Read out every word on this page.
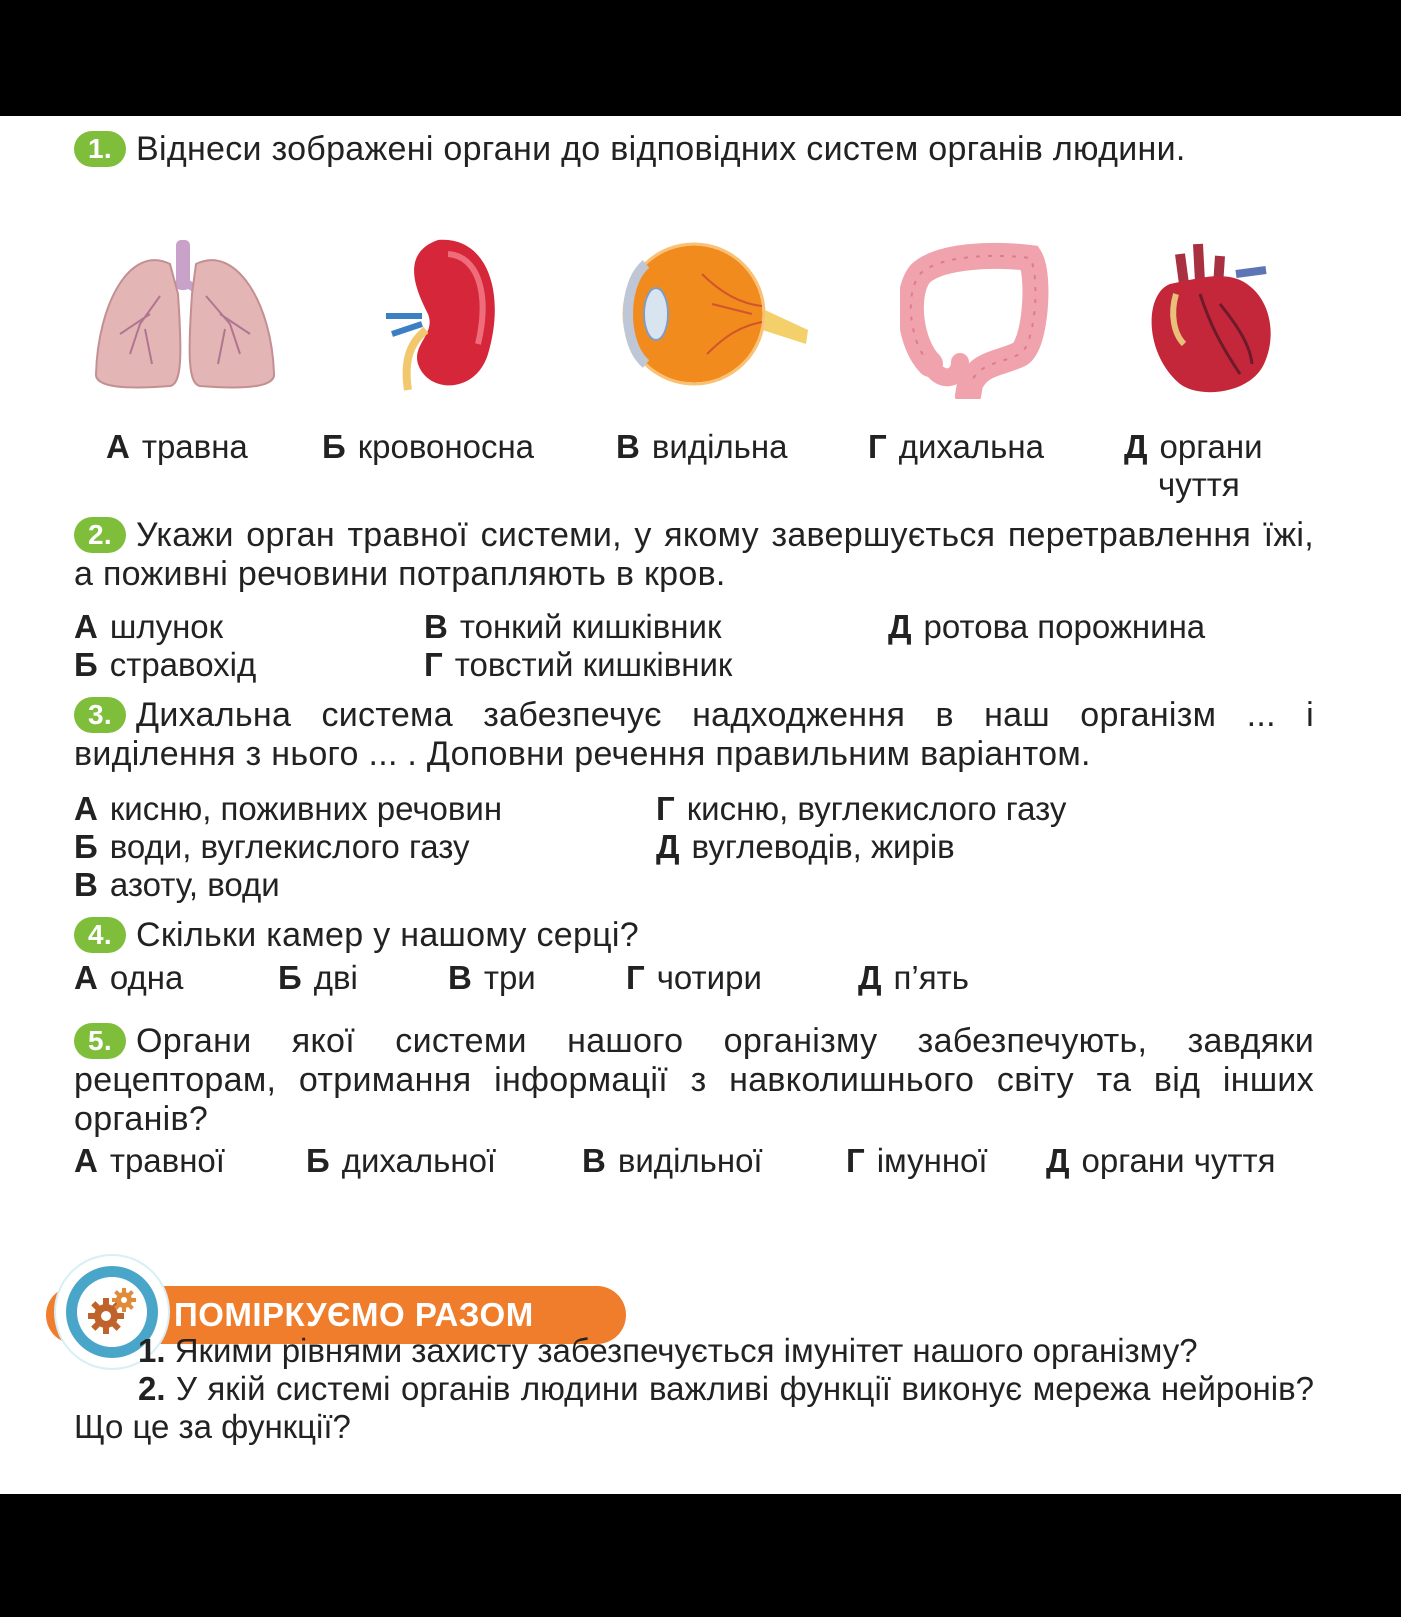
1. Віднеси зображені органи до відповідних систем органів людини.
А травна Б кровоносна В видільна Г дихальна Д органи
чуття
2. Укажи орган травної системи, у якому завершується перетравлення їжі, а поживні речовини потрапляють в кров.
А шлунок	В тонкий кишківник	Д ротова порожнина
Б стравохід	Г товстий кишківник
3. Дихальна система забезпечує надходження в наш організм ... і виділення з нього ... . Доповни речення правильним варіантом.
А кисню, поживних речовин	Г кисню, вуглекислого газу
Б води, вуглекислого газу	Д вуглеводів, жирів
В азоту, води
4. Скільки камер у нашому серці?
А одна	Б дві	В три	Г чотири	Д п’ять
5. Органи якої системи нашого організму забезпечують, завдяки рецепторам, отримання інформації з навколишнього світу та від інших органів?
А травної Б дихальної	В видільної	Г імунної Д органи чуття
ПОМІРКУЄМО РАЗОМ
1. Якими рівнями захисту забезпечується імунітет нашого організму?
2. У якій системі органів людини важливі функції виконує мережа нейронів? Що це за функції?
